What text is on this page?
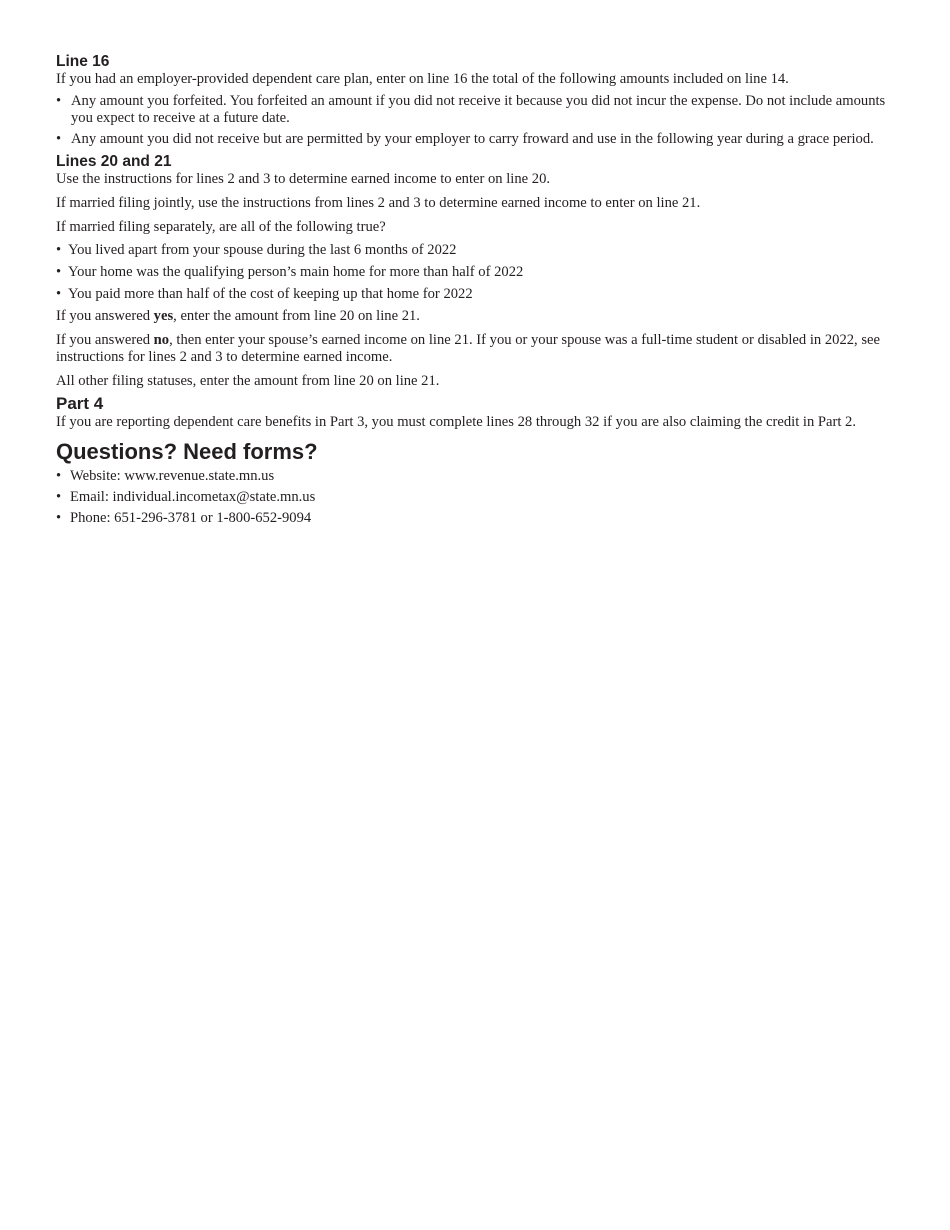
Line 16

If you had an employer-provided dependent care plan, enter on line 16 the total of the following amounts included on line 14.

• Any amount you forfeited. You forfeited an amount if you did not receive it because you did not incur the expense. Do not include amounts you expect to receive at a future date.
• Any amount you did not receive but are permitted by your employer to carry froward and use in the following year during a grace period.
Lines 20 and 21

Use the instructions for lines 2 and 3 to determine earned income to enter on line 20.

If married filing jointly, use the instructions from lines 2 and 3 to determine earned income to enter on line 21.

If married filing separately, are all of the following true?

• You lived apart from your spouse during the last 6 months of 2022
• Your home was the qualifying person’s main home for more than half of 2022
• You paid more than half of the cost of keeping up that home for 2022

If you answered yes, enter the amount from line 20 on line 21.

If you answered no, then enter your spouse’s earned income on line 21. If you or your spouse was a full-time student or disabled in 2022, see instructions for lines 2 and 3 to determine earned income.

All other filing statuses, enter the amount from line 20 on line 21.

Part 4

If you are reporting dependent care benefits in Part 3, you must complete lines 28 through 32 if you are also claiming the credit in Part 2.

Questions? Need forms?
• Website: www.revenue.state.mn.us
• Email: individual.incometax@state.mn.us
• Phone: 651-296-3781 or 1-800-652-9094
